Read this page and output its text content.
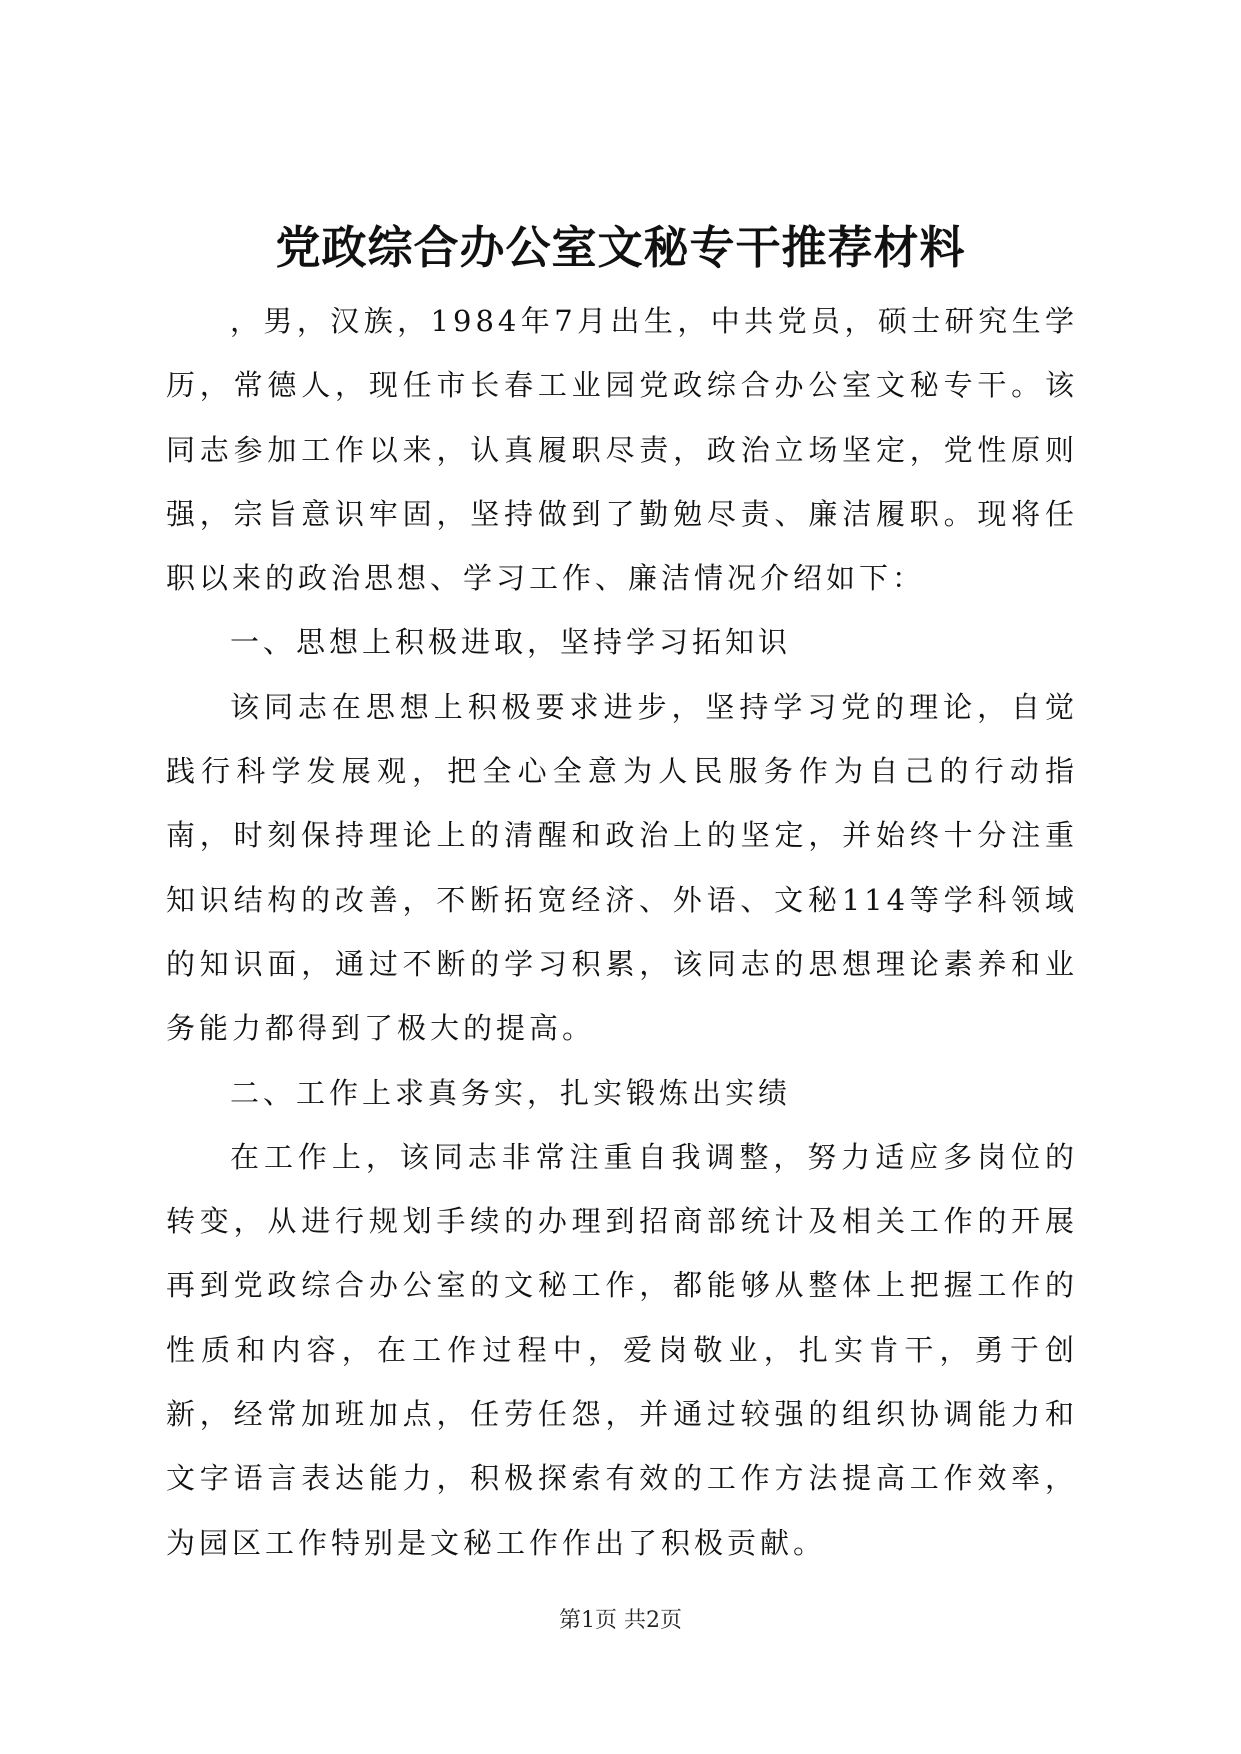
党政综合办公室文秘专干推荐材料

，男，汉族，1984年7月出生，中共党员，硕士研究生学历，常德人，现任市长春工业园党政综合办公室文秘专干。该同志参加工作以来，认真履职尽责，政治立场坚定，党性原则强，宗旨意识牢固，坚持做到了勤勉尽责、廉洁履职。现将任职以来的政治思想、学习工作、廉洁情况介绍如下：

一、思想上积极进取，坚持学习拓知识

该同志在思想上积极要求进步，坚持学习党的理论，自觉践行科学发展观，把全心全意为人民服务作为自己的行动指南，时刻保持理论上的清醒和政治上的坚定，并始终十分注重知识结构的改善，不断拓宽经济、外语、文秘114等学科领域的知识面，通过不断的学习积累，该同志的思想理论素养和业务能力都得到了极大的提高。

二、工作上求真务实，扎实锻炼出实绩

在工作上，该同志非常注重自我调整，努力适应多岗位的转变，从进行规划手续的办理到招商部统计及相关工作的开展再到党政综合办公室的文秘工作，都能够从整体上把握工作的性质和内容，在工作过程中，爱岗敬业，扎实肯干，勇于创新，经常加班加点，任劳任怨，并通过较强的组织协调能力和文字语言表达能力，积极探索有效的工作方法提高工作效率，为园区工作特别是文秘工作作出了积极贡献。

第1页 共2页
